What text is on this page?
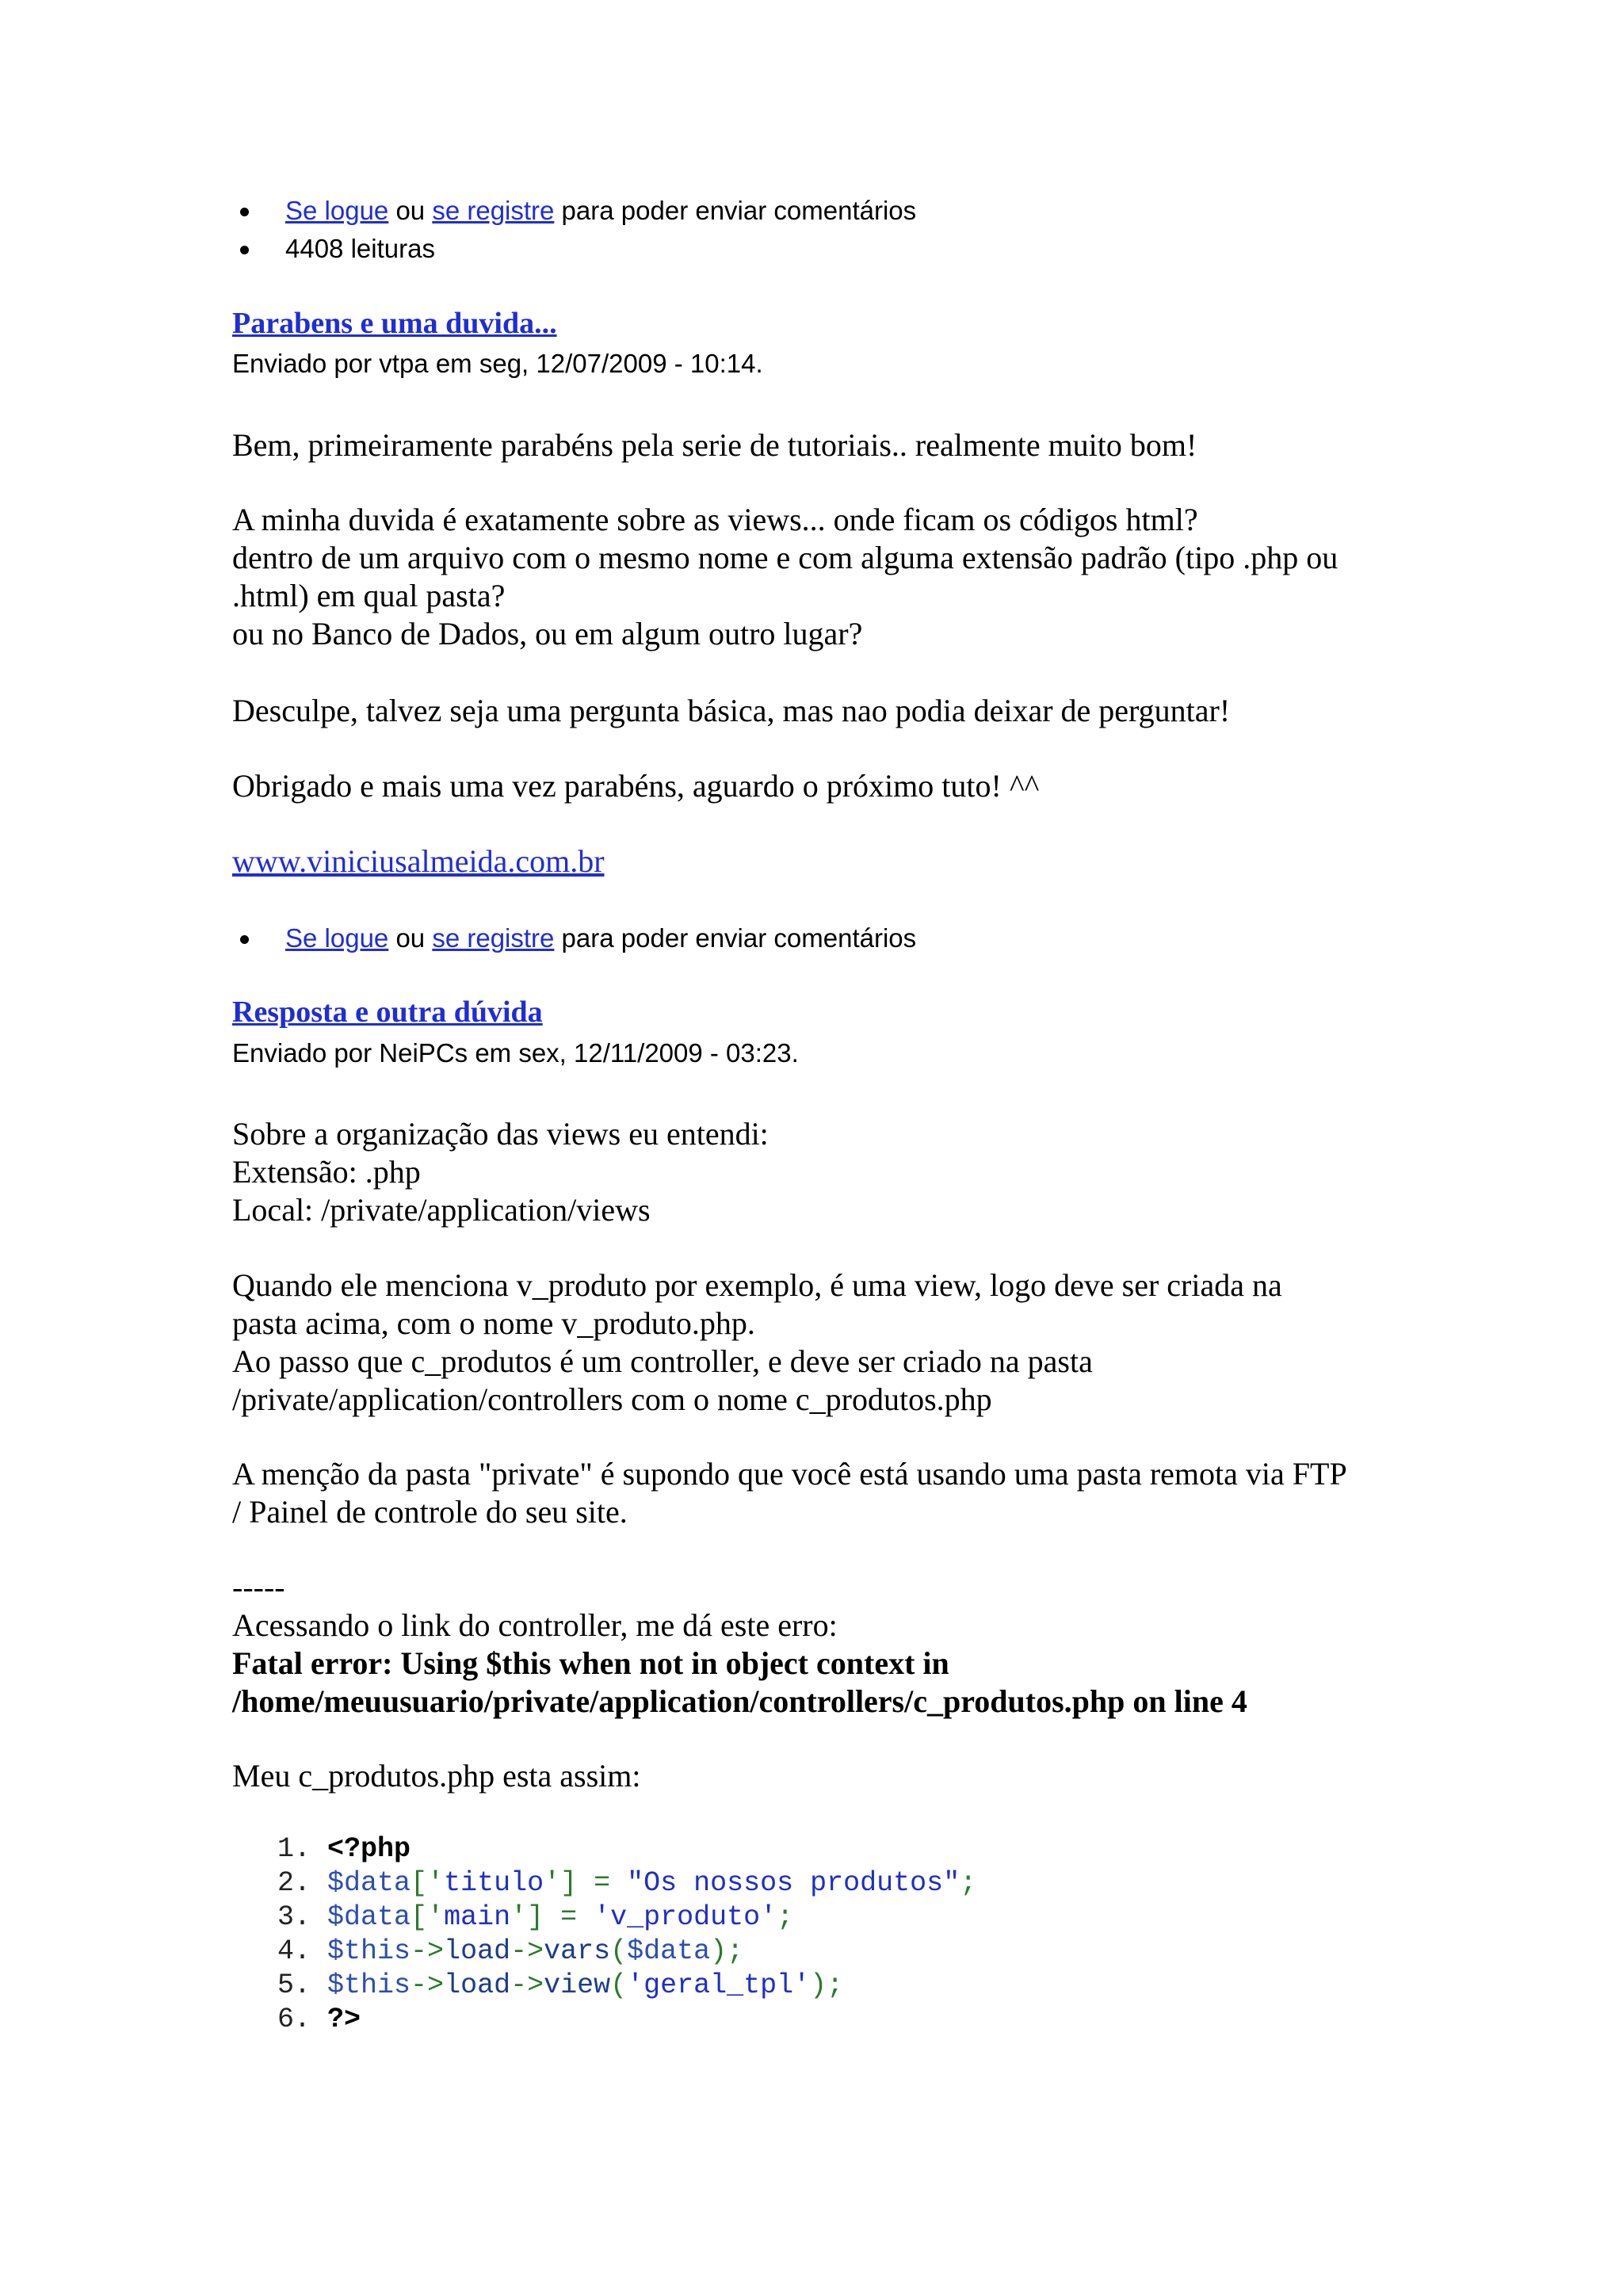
Se logue ou se registre para poder enviar comentários
4408 leituras
Parabens e uma duvida...
Enviado por vtpa em seg, 12/07/2009 - 10:14.
Bem, primeiramente parabéns pela serie de tutoriais.. realmente muito bom!
A minha duvida é exatamente sobre as views... onde ficam os códigos html?
dentro de um arquivo com o mesmo nome e com alguma extensão padrão (tipo .php ou
.html) em qual pasta?
ou no Banco de Dados, ou em algum outro lugar?
Desculpe, talvez seja uma pergunta básica, mas nao podia deixar de perguntar!
Obrigado e mais uma vez parabéns, aguardo o próximo tuto! ^^
www.viniciusalmeida.com.br
Se logue ou se registre para poder enviar comentários
Resposta e outra dúvida
Enviado por NeiPCs em sex, 12/11/2009 - 03:23.
Sobre a organização das views eu entendi:
Extensão: .php
Local: /private/application/views
Quando ele menciona v_produto por exemplo, é uma view, logo deve ser criada na
pasta acima, com o nome v_produto.php.
Ao passo que c_produtos é um controller, e deve ser criado na pasta
/private/application/controllers com o nome c_produtos.php
A menção da pasta "private" é supondo que você está usando uma pasta remota via FTP
/ Painel de controle do seu site.
-----
Acessando o link do controller, me dá este erro:
Fatal error: Using $this when not in object context in
/home/meuusuario/private/application/controllers/c_produtos.php on line 4
Meu c_produtos.php esta assim:
1. <?php
2. $data['titulo'] = "Os nossos produtos";
3. $data['main'] = 'v_produto';
4. $this->load->vars($data);
5. $this->load->view('geral_tpl');
6. ?>
